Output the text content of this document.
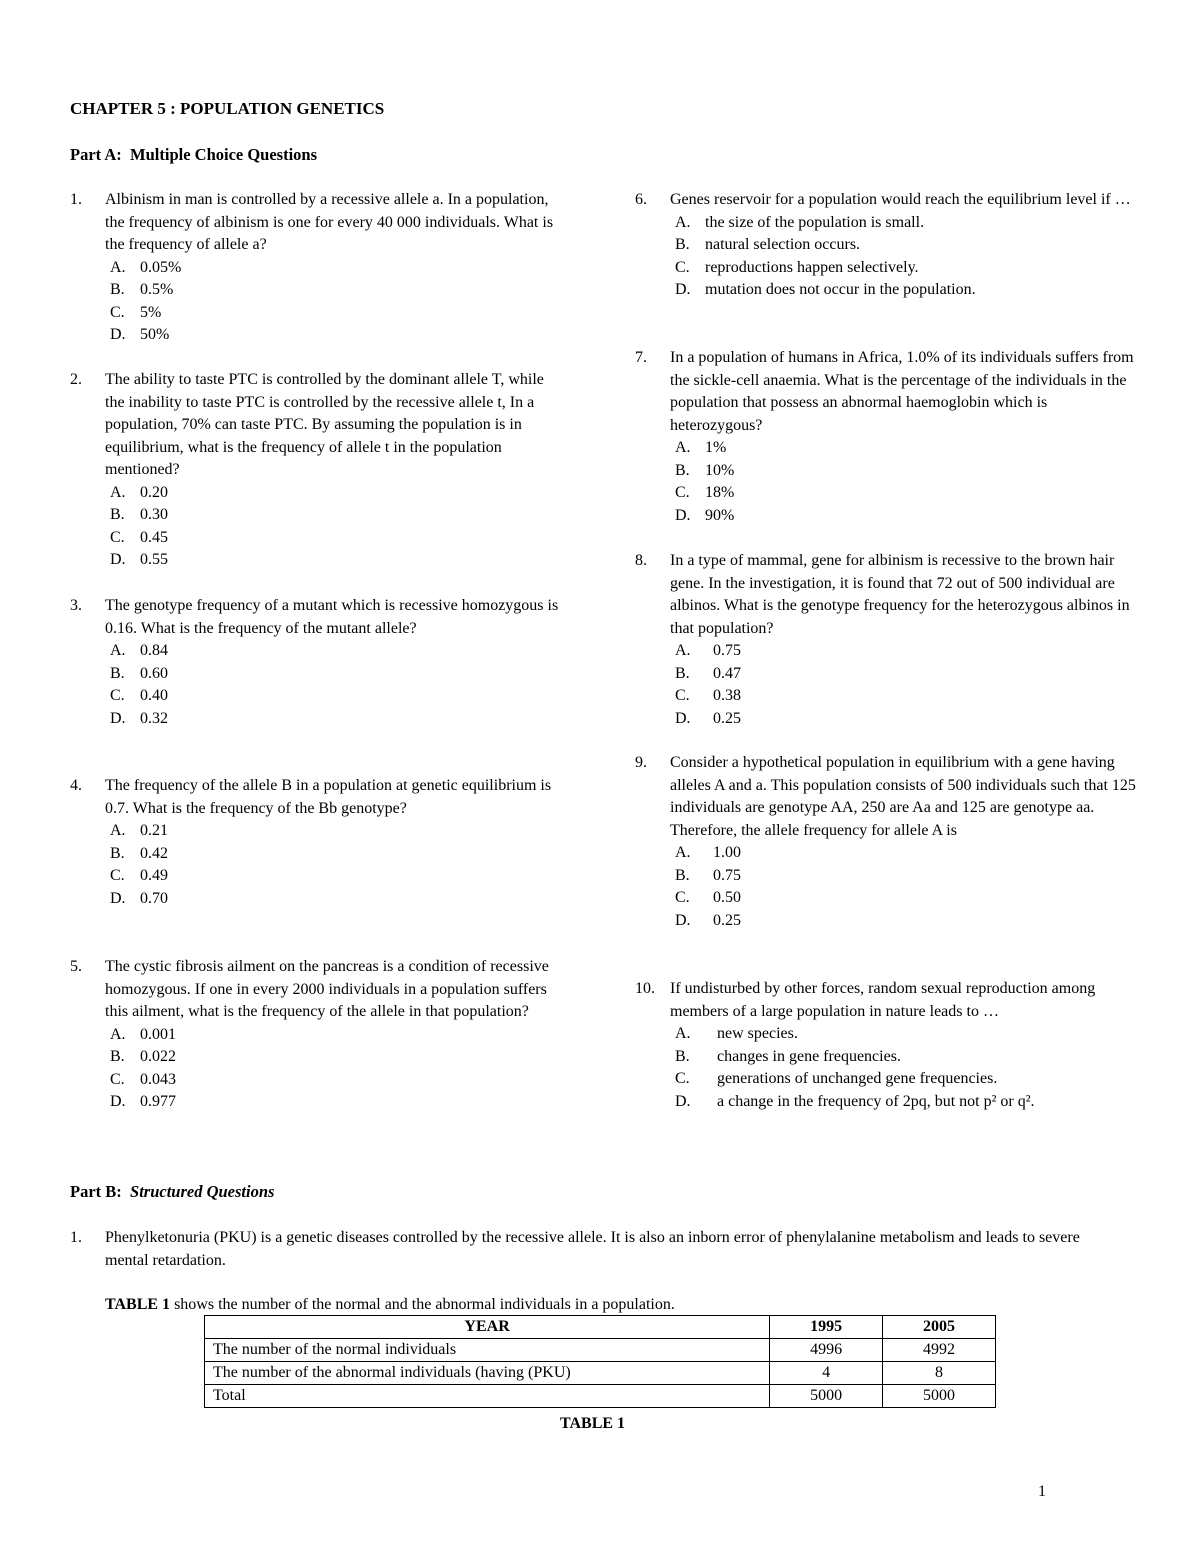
CHAPTER 5 : POPULATION GENETICS
Part A: Multiple Choice Questions
1. Albinism in man is controlled by a recessive allele a. In a population, the frequency of albinism is one for every 40 000 individuals. What is the frequency of allele a?
A. 0.05%
B. 0.5%
C. 5%
D. 50%
2. The ability to taste PTC is controlled by the dominant allele T, while the inability to taste PTC is controlled by the recessive allele t, In a population, 70% can taste PTC. By assuming the population is in equilibrium, what is the frequency of allele t in the population mentioned?
A. 0.20
B. 0.30
C. 0.45
D. 0.55
3. The genotype frequency of a mutant which is recessive homozygous is 0.16. What is the frequency of the mutant allele?
A. 0.84
B. 0.60
C. 0.40
D. 0.32
4. The frequency of the allele B in a population at genetic equilibrium is 0.7. What is the frequency of the Bb genotype?
A. 0.21
B. 0.42
C. 0.49
D. 0.70
5. The cystic fibrosis ailment on the pancreas is a condition of recessive homozygous. If one in every 2000 individuals in a population suffers this ailment, what is the frequency of the allele in that population?
A. 0.001
B. 0.022
C. 0.043
D. 0.977
6. Genes reservoir for a population would reach the equilibrium level if …
A. the size of the population is small.
B. natural selection occurs.
C. reproductions happen selectively.
D. mutation does not occur in the population.
7. In a population of humans in Africa, 1.0% of its individuals suffers from the sickle-cell anaemia. What is the percentage of the individuals in the population that possess an abnormal haemoglobin which is heterozygous?
A. 1%
B. 10%
C. 18%
D. 90%
8. In a type of mammal, gene for albinism is recessive to the brown hair gene. In the investigation, it is found that 72 out of 500 individual are albinos. What is the genotype frequency for the heterozygous albinos in that population?
A. 0.75
B. 0.47
C. 0.38
D. 0.25
9. Consider a hypothetical population in equilibrium with a gene having alleles A and a. This population consists of 500 individuals such that 125 individuals are genotype AA, 250 are Aa and 125 are genotype aa. Therefore, the allele frequency for allele A is
A. 1.00
B. 0.75
C. 0.50
D. 0.25
10. If undisturbed by other forces, random sexual reproduction among members of a large population in nature leads to …
A. new species.
B. changes in gene frequencies.
C. generations of unchanged gene frequencies.
D. a change in the frequency of 2pq, but not p² or q².
Part B: Structured Questions
1. Phenylketonuria (PKU) is a genetic diseases controlled by the recessive allele. It is also an inborn error of phenylalanine metabolism and leads to severe mental retardation.
TABLE 1 shows the number of the normal and the abnormal individuals in a population.
YEAR	1995	2005
The number of the normal individuals	4996	4992
The number of the abnormal individuals (having (PKU)	4	8
Total	5000	5000
TABLE 1
1
